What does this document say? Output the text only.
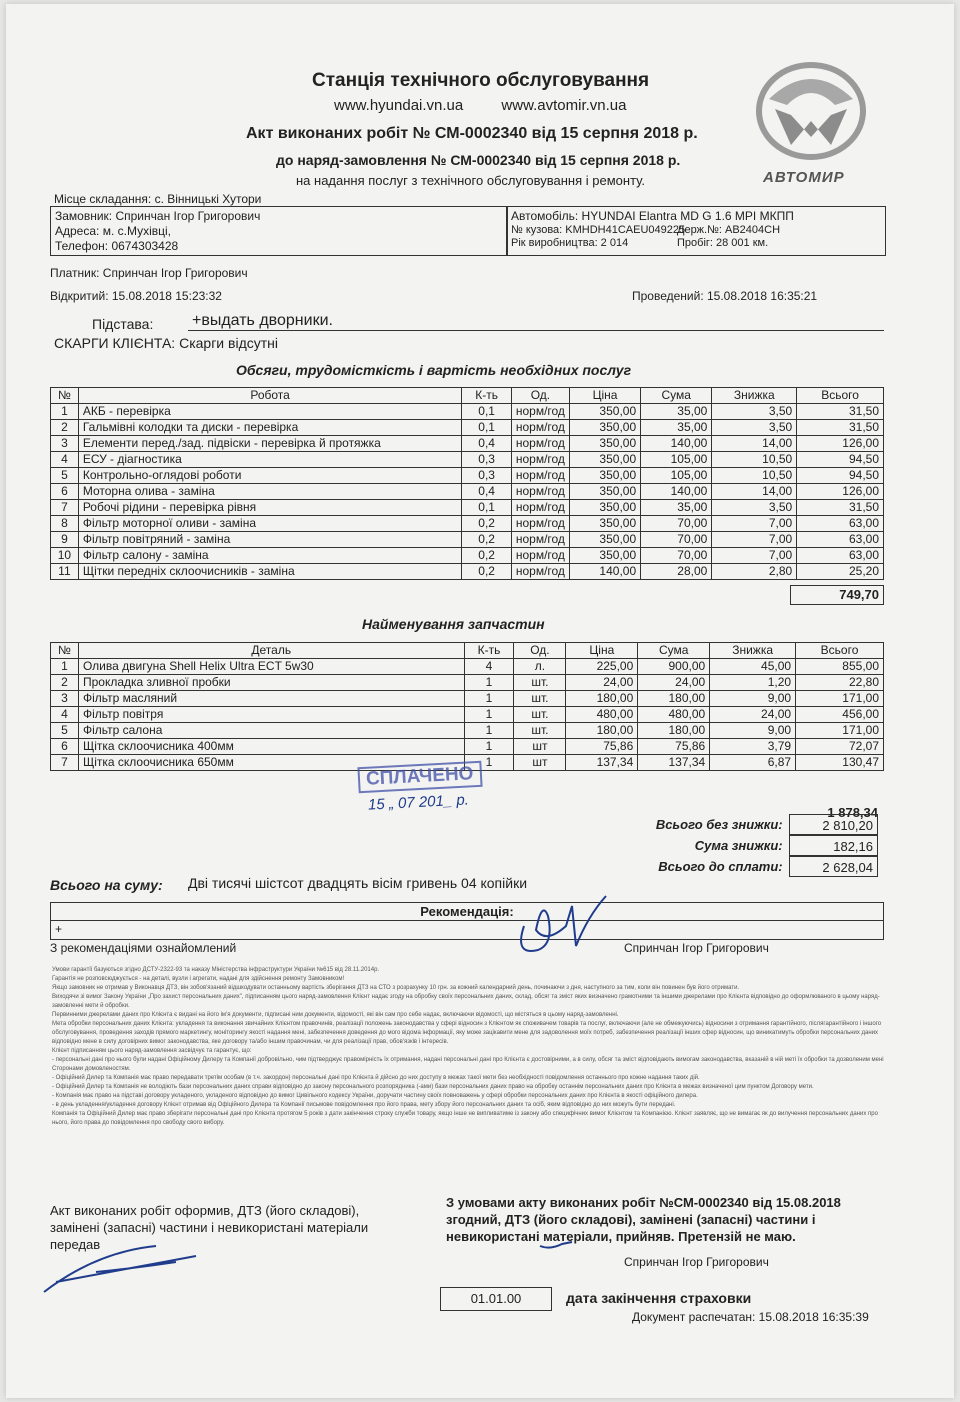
Станція технічного обслуговування
www.hyundai.vn.ua	www.avtomir.vn.ua
Акт виконаних робіт № СМ-0002340 від 15 серпня 2018 р.
до наряд-замовлення № СМ-0002340 від 15 серпня 2018 р.
на надання послуг з технічного обслуговування і ремонту.	АВТОМИР
Місце складання: с. Вінницькі Хутори
Замовник: Спринчан Ігор Григорович
Адреса: м. с.Мухівці,
Телефон: 0674303428
Автомобіль: HYUNDAI Elantra MD G 1.6 MPI МКПП
№ кузова: KMHDH41CAEU049225
Держ.№: АВ2404СН
Рік виробництва: 2 014	Пробіг: 28 001 км.
Платник: Спринчан Ігор Григорович
Відкритий: 15.08.2018 15:23:32	Проведений: 15.08.2018 16:35:21
Підстава: +выдать дворники.
СКАРГИ КЛІЄНТА: Скарги відсутні
Обсяги, трудомісткість і вартість необхідних послуг
№	Робота	К-ть	Од.	Ціна	Сума	Знижка	Всього
1	АКБ - перевірка	0,1	норм/год	350,00	35,00	3,50	31,50
2	Гальмівні колодки та диски - перевірка	0,1	норм/год	350,00	35,00	3,50	31,50
3	Елементи перед./зад. підвіски - перевірка й протяжка	0,4	норм/год	350,00	140,00	14,00	126,00
4	ЕСУ - діагностика	0,3	норм/год	350,00	105,00	10,50	94,50
5	Контрольно-оглядові роботи	0,3	норм/год	350,00	105,00	10,50	94,50
6	Моторна олива - заміна	0,4	норм/год	350,00	140,00	14,00	126,00
7	Робочі рідини - перевірка рівня	0,1	норм/год	350,00	35,00	3,50	31,50
8	Фільтр моторної оливи - заміна	0,2	норм/год	350,00	70,00	7,00	63,00
9	Фільтр повітряний - заміна	0,2	норм/год	350,00	70,00	7,00	63,00
10	Фільтр салону - заміна	0,2	норм/год	350,00	70,00	7,00	63,00
11	Щітки передніх склоочисників - заміна	0,2	норм/год	140,00	28,00	2,80	25,20
749,70
Найменування запчастин
№	Деталь	К-ть	Од.	Ціна	Сума	Знижка	Всього
1	Олива двигуна Shell Helix Ultra ECT 5w30	4	л.	225,00	900,00	45,00	855,00
2	Прокладка зливної пробки	1	шт.	24,00	24,00	1,20	22,80
3	Фільтр масляний	1	шт.	180,00	180,00	9,00	171,00
4	Фільтр повітря	1	шт.	480,00	480,00	24,00	456,00
5	Фільтр салона	1	шт.	180,00	180,00	9,00	171,00
6	Щітка склоочисника 400мм	1	шт	75,86	75,86	3,79	72,07
7	Щітка склоочисника 650мм	1	шт	137,34	137,34	6,87	130,47
1 878,34
СПЛАЧЕНО
15 „ 07 201_ р.
Всього без знижки:	2 810,20
Сума знижки:	182,16
Всього до сплати:	2 628,04
Всього на суму: Дві тисячі шістсот двадцять вісім гривень 04 копійки
Рекомендація:
+
З рекомендаціями ознайомлений	Спринчан Ігор Григорович
Умови гарантії базуються згідно ДСТУ-2322-93 та наказу Міністерства інфраструктури України №615 від 28.11.2014р.
Гарантія не розповсюджується - на деталі, вузли і агрегати, надані для здійснення ремонту Замовником!
Якщо замовник не отримав у Виконавця ДТЗ, він зобов'язаний відшкодувати останньому вартість зберігання ДТЗ на СТО з розрахунку 10 грн. за кожний календарний день, починаючи з дня, наступного за тим, коли він повинен був його отримати.
Виходячи зі вимог Закону України „Про захист персональних даних", підписанням цього наряд-замовлення Клієнт надає згоду на обробку своїх персональних даних, склад, обсяг та зміст яких визначено грамотними та іншими джерелами про Клієнта відповідно до оформлюваного в цьому наряд-замовленні мети й обробки.
Первинними джерелами даних про Клієнта є видані на його ім'я документи, підписані ним документи, відомості, які він сам про себе надає, включаючи відомості, що містяться в цьому наряд-замовленні.
Мета обробки персональних даних Клієнта: укладення та виконання звичайних Клієнтом правочинів, реалізації положень законодавства у сфері відносин з Клієнтом як споживачем товарів та послуг, включаючи (але не обмежуючись) відносини з отримання гарантійного, післягарантійного і іншого обслуговування, проведення заходів прямого маркетингу, моніторингу якості надання мені, забезпечення доведення до мого відома інформації, яку може зацікавити мене для задоволення моїх потреб, забезпечення реалізації інших сфер відносин, що виникатимуть обробки персональних даних відповідно мене в силу договірних вимог законодавства, яке договору та/або іншим правочинам, чи для реалізації прав, обов'язків і інтересів.
Клієнт підписанням цього наряд-замовлення засвідчує та гарантує, що:
- персональні дані про нього були надані Офіційному Дилеру та Компанії добровільно, чим підтверджує правомірність їх отримання, надані персональні дані про Клієнта є достовірними, а в силу, обсяг та зміст відповідають вимогам законодавства, вказаній в ній меті їх обробки та дозволеним мені Сторонами домовленостям.
- Офіційний Дилер та Компанія має право передавати третім особам (в т.ч. закордон) персональні дані про Клієнта й дійсно до них доступу в межах такої мети без необхідності повідомлення останнього про кожне надання таких дій.
- Офіційний Дилер та Компанія не володіють бази персональних даних справи відповідно до закону персонального розпорядника (-ами) бази персональних даних право на обробку останнім персональних даних про Клієнта в межах визначеної цим пунктом Договору мети.
- Компанія має право на підставі договору укладеного, укладеного відповідно до вимог Цивільного кодексу України, доручати частину своїх повноважень у сфері обробки персональних даних про Клієнта в якості офіційного дилера.
- в день укладення/укладення договору Клієнт отримав від Офіційного Дилера та Компанії письмове повідомлення про його права, мету збору його персональних даних та осіб, яким відповідно до них можуть бути передані.
Компанія та Офіційний Дилер має право зберігати персональні дані про Клієнта протягом 5 років з дати закінчення строку служби товару, якщо інше не випливатиме із закону або специфічних вимог Клієнтом та Компанією. Клієнт заявляє, що не вимагає як до вилучення персональних даних про нього, його права до повідомлення про свободу свого вибору.
Акт виконаних робіт оформив, ДТЗ (його складові), замінені (запасні) частини і невикористані матеріали передав
З умовами акту виконаних робіт №СМ-0002340 від 15.08.2018 згодний, ДТЗ (його складові), замінені (запасні) частини і невикористані матеріали, прийняв. Претензій не маю.
Спринчан Ігор Григорович
01.01.00	дата закінчення страховки
Документ распечатан: 15.08.2018 16:35:39
